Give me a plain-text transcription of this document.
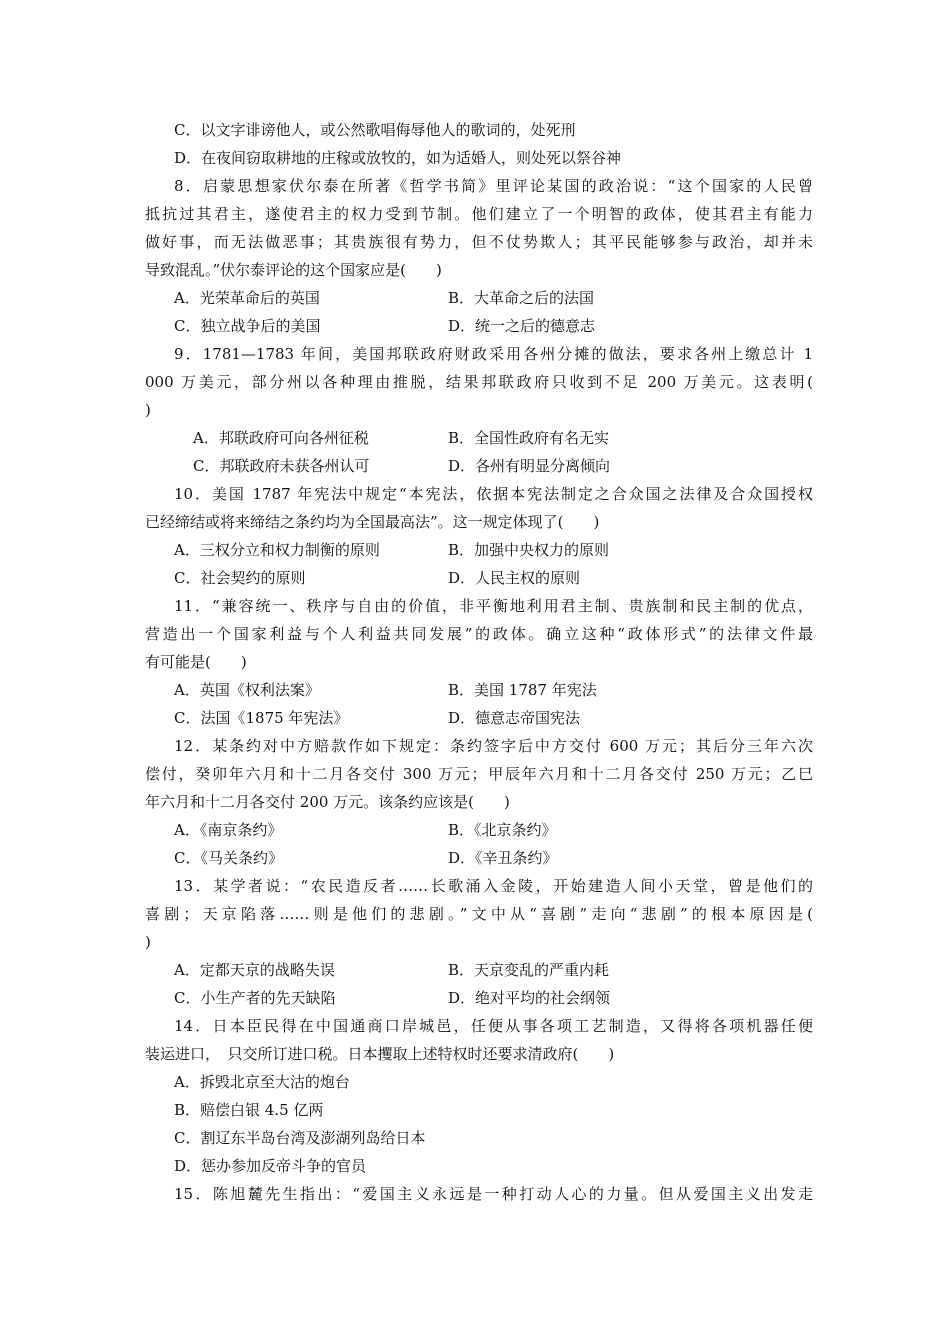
C．以文字诽谤他人，或公然歌唱侮辱他人的歌词的，处死刑
D．在夜间窃取耕地的庄稼或放牧的，如为适婚人，则处死以祭谷神
8．启蒙思想家伏尔泰在所著《哲学书简》里评论某国的政治说：“这个国家的人民曾
抵抗过其君主，遂使君主的权力受到节制。他们建立了一个明智的政体，使其君主有能力
做好事，而无法做恶事；其贵族很有势力，但不仗势欺人；其平民能够参与政治，却并未
导致混乱。”伏尔泰评论的这个国家应是(　　)
A．光荣革命后的英国	B．大革命之后的法国
C．独立战争后的美国	D．统一之后的德意志
9．1781—1783 年间，美国邦联政府财政采用各州分摊的做法，要求各州上缴总计 1
000 万美元，部分州以各种理由推脱，结果邦联政府只收到不足 200 万美元。这表明(
)
A．邦联政府可向各州征税	B．全国性政府有名无实
C．邦联政府未获各州认可	D．各州有明显分离倾向
10．美国 1787 年宪法中规定“本宪法，依据本宪法制定之合众国之法律及合众国授权
已经缔结或将来缔结之条约均为全国最高法”。这一规定体现了(　　)
A．三权分立和权力制衡的原则	B．加强中央权力的原则
C．社会契约的原则	D．人民主权的原则
11．“兼容统一、秩序与自由的价值，非平衡地利用君主制、贵族制和民主制的优点，
营造出一个国家利益与个人利益共同发展”的政体。确立这种“政体形式”的法律文件最
有可能是(　　)
A．英国《权利法案》	B．美国 1787 年宪法
C．法国《1875 年宪法》	D．德意志帝国宪法
12．某条约对中方赔款作如下规定：条约签字后中方交付 600 万元；其后分三年六次
偿付，癸卯年六月和十二月各交付 300 万元；甲辰年六月和十二月各交付 250 万元；乙巳
年六月和十二月各交付 200 万元。该条约应该是(　　)
A．《南京条约》	B．《北京条约》
C．《马关条约》	D．《辛丑条约》
13．某学者说：“农民造反者……长歌涌入金陵，开始建造人间小天堂，曾是他们的
喜剧；天京陷落……则是他们的悲剧。”文中从“喜剧”走向“悲剧”的根本原因是(
)
A．定都天京的战略失误	B．天京变乱的严重内耗
C．小生产者的先天缺陷	D．绝对平均的社会纲领
14．日本臣民得在中国通商口岸城邑，任便从事各项工艺制造，又得将各项机器任便
装运进口，　只交所订进口税。日本攫取上述特权时还要求清政府(　　)
A．拆毁北京至大沽的炮台
B．赔偿白银 4.5 亿两
C．割辽东半岛台湾及澎湖列岛给日本
D．惩办参加反帝斗争的官员
15．陈旭麓先生指出：“爱国主义永远是一种打动人心的力量。但从爱国主义出发走
